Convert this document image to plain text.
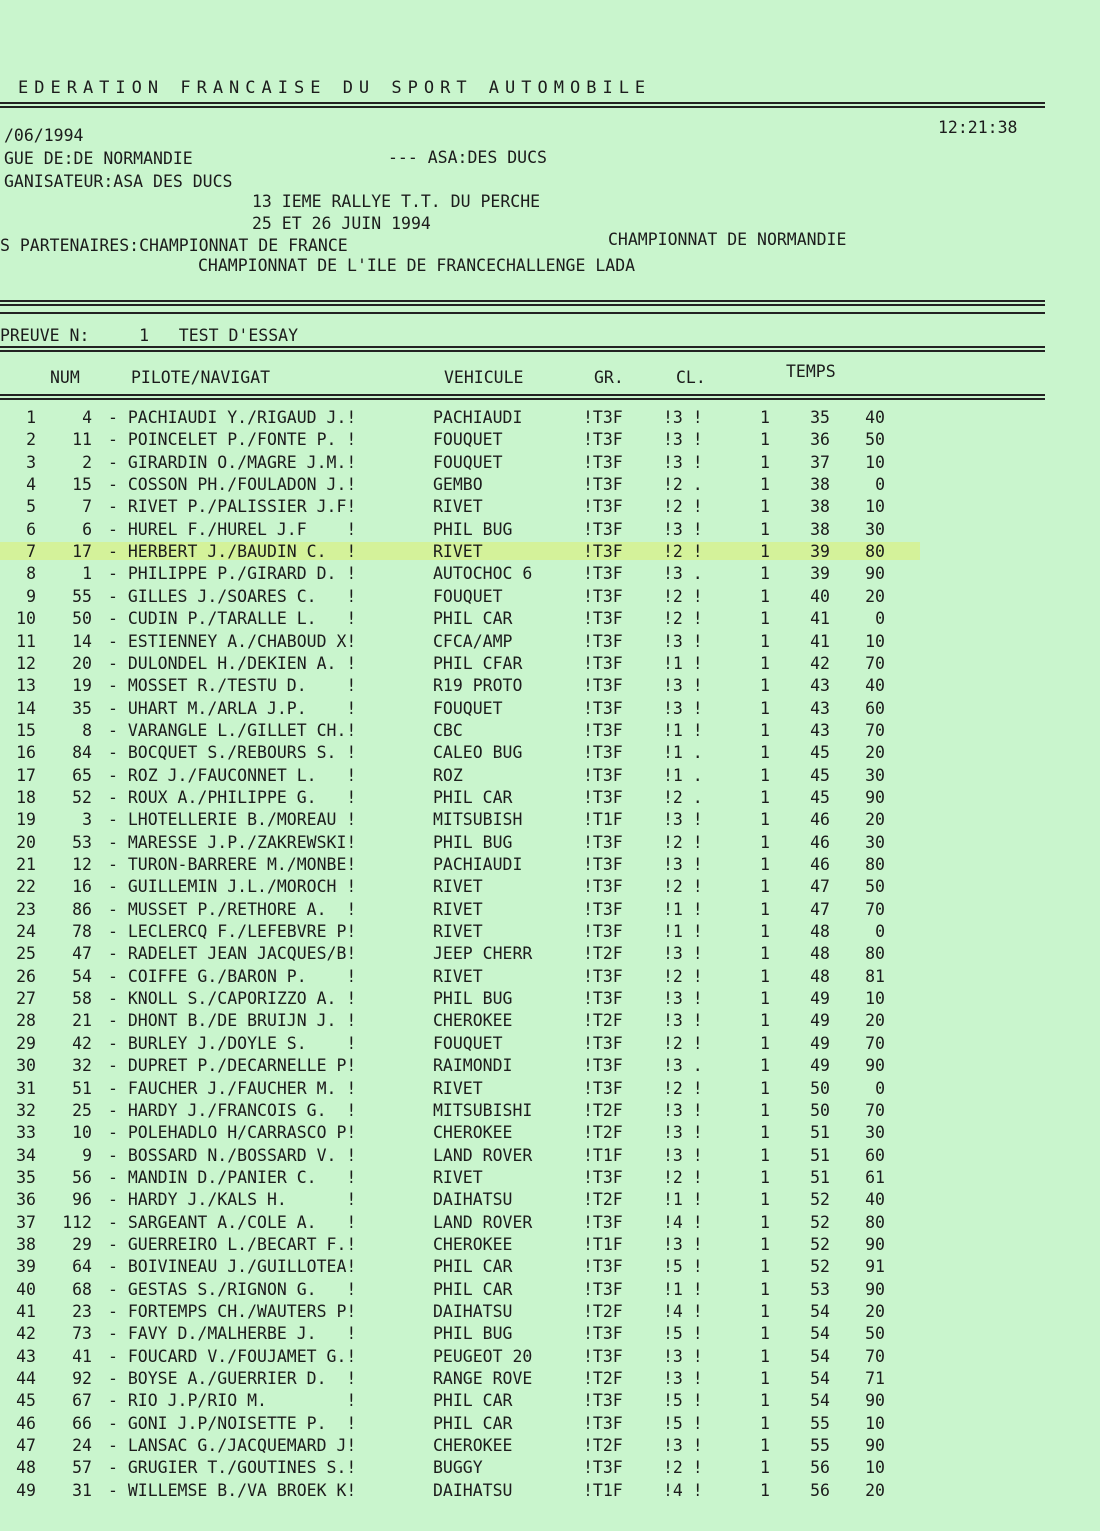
EDERATION FRANCAISE DU SPORT AUTOMOBILE
/06/1994	12:21:38
GUE DE:DE NORMANDIE	--- ASA:DES DUCS
GANISATEUR:ASA DES DUCS
13 IEME RALLYE T.T. DU PERCHE
25 ET 26 JUIN 1994
S PARTENAIRES:CHAMPIONNAT DE FRANCE	CHAMPIONNAT DE NORMANDIE
CHAMPIONNAT DE L'ILE DE FRANCECHALLENGE LADA
PREUVE N:     1   TEST D'ESSAY
NUM	PILOTE/NAVIGAT	VEHICULE	GR.	CL.	TEMPS
1	4 - PACHIAUDI Y./RIGAUD J.!	PACHIAUDI	!T3F !3 !	1	35	40
2	11 - POINCELET P./FONTE P. !	FOUQUET	!T3F !3 !	1	36	50
3	2 - GIRARDIN O./MAGRE J.M.!	FOUQUET	!T3F !3 !	1	37	10
4	15 - COSSON PH./FOULADON J.!	GEMBO	!T3F !2 .	1	38	0
5	7 - RIVET P./PALISSIER J.F!	RIVET	!T3F !2 !	1	38	10
6	6 - HUREL F./HUREL J.F    !	PHIL BUG	!T3F !3 !	1	38	30
7	17 - HERBERT J./BAUDIN C.  !	RIVET	!T3F !2 !	1	39	80
8	1 - PHILIPPE P./GIRARD D. !	AUTOCHOC 6	!T3F !3 .	1	39	90
9	55 - GILLES J./SOARES C.   !	FOUQUET	!T3F !2 !	1	40	20
10	50 - CUDIN P./TARALLE L.   !	PHIL CAR	!T3F !2 !	1	41	0
11	14 - ESTIENNEY A./CHABOUD X!	CFCA/AMP	!T3F !3 !	1	41	10
12	20 - DULONDEL H./DEKIEN A. !	PHIL CFAR	!T3F !1 !	1	42	70
13	19 - MOSSET R./TESTU D.    !	R19 PROTO	!T3F !3 !	1	43	40
14	35 - UHART M./ARLA J.P.    !	FOUQUET	!T3F !3 !	1	43	60
15	8 - VARANGLE L./GILLET CH.!	CBC	!T3F !1 !	1	43	70
16	84 - BOCQUET S./REBOURS S. !	CALEO BUG	!T3F !1 .	1	45	20
17	65 - ROZ J./FAUCONNET L.   !	ROZ	!T3F !1 .	1	45	30
18	52 - ROUX A./PHILIPPE G.   !	PHIL CAR	!T3F !2 .	1	45	90
19	3 - LHOTELLERIE B./MOREAU !	MITSUBISH	!T1F !3 !	1	46	20
20	53 - MARESSE J.P./ZAKREWSKI!	PHIL BUG	!T3F !2 !	1	46	30
21	12 - TURON-BARRERE M./MONBE!	PACHIAUDI	!T3F !3 !	1	46	80
22	16 - GUILLEMIN J.L./MOROCH !	RIVET	!T3F !2 !	1	47	50
23	86 - MUSSET P./RETHORE A.  !	RIVET	!T3F !1 !	1	47	70
24	78 - LECLERCQ F./LEFEBVRE P!	RIVET	!T3F !1 !	1	48	0
25	47 - RADELET JEAN JACQUES/B!	JEEP CHERR	!T2F !3 !	1	48	80
26	54 - COIFFE G./BARON P.    !	RIVET	!T3F !2 !	1	48	81
27	58 - KNOLL S./CAPORIZZO A. !	PHIL BUG	!T3F !3 !	1	49	10
28	21 - DHONT B./DE BRUIJN J. !	CHEROKEE	!T2F !3 !	1	49	20
29	42 - BURLEY J./DOYLE S.    !	FOUQUET	!T3F !2 !	1	49	70
30	32 - DUPRET P./DECARNELLE P!	RAIMONDI	!T3F !3 .	1	49	90
31	51 - FAUCHER J./FAUCHER M. !	RIVET	!T3F !2 !	1	50	0
32	25 - HARDY J./FRANCOIS G.  !	MITSUBISHI	!T2F !3 !	1	50	70
33	10 - POLEHADLO H/CARRASCO P!	CHEROKEE	!T2F !3 !	1	51	30
34	9 - BOSSARD N./BOSSARD V. !	LAND ROVER	!T1F !3 !	1	51	60
35	56 - MANDIN D./PANIER C.   !	RIVET	!T3F !2 !	1	51	61
36	96 - HARDY J./KALS H.      !	DAIHATSU	!T2F !1 !	1	52	40
37	112 - SARGEANT A./COLE A.   !	LAND ROVER	!T3F !4 !	1	52	80
38	29 - GUERREIRO L./BECART F.!	CHEROKEE	!T1F !3 !	1	52	90
39	64 - BOIVINEAU J./GUILLOTEA!	PHIL CAR	!T3F !5 !	1	52	91
40	68 - GESTAS S./RIGNON G.   !	PHIL CAR	!T3F !1 !	1	53	90
41	23 - FORTEMPS CH./WAUTERS P!	DAIHATSU	!T2F !4 !	1	54	20
42	73 - FAVY D./MALHERBE J.   !	PHIL BUG	!T3F !5 !	1	54	50
43	41 - FOUCARD V./FOUJAMET G.!	PEUGEOT 20	!T3F !3 !	1	54	70
44	92 - BOYSE A./GUERRIER D.  !	RANGE ROVE	!T2F !3 !	1	54	71
45	67 - RIO J.P/RIO M.        !	PHIL CAR	!T3F !5 !	1	54	90
46	66 - GONI J.P/NOISETTE P.  !	PHIL CAR	!T3F !5 !	1	55	10
47	24 - LANSAC G./JACQUEMARD J!	CHEROKEE	!T2F !3 !	1	55	90
48	57 - GRUGIER T./GOUTINES S.!	BUGGY	!T3F !2 !	1	56	10
49	31 - WILLEMSE B./VA BROEK K!	DAIHATSU	!T1F !4 !	1	56	20
